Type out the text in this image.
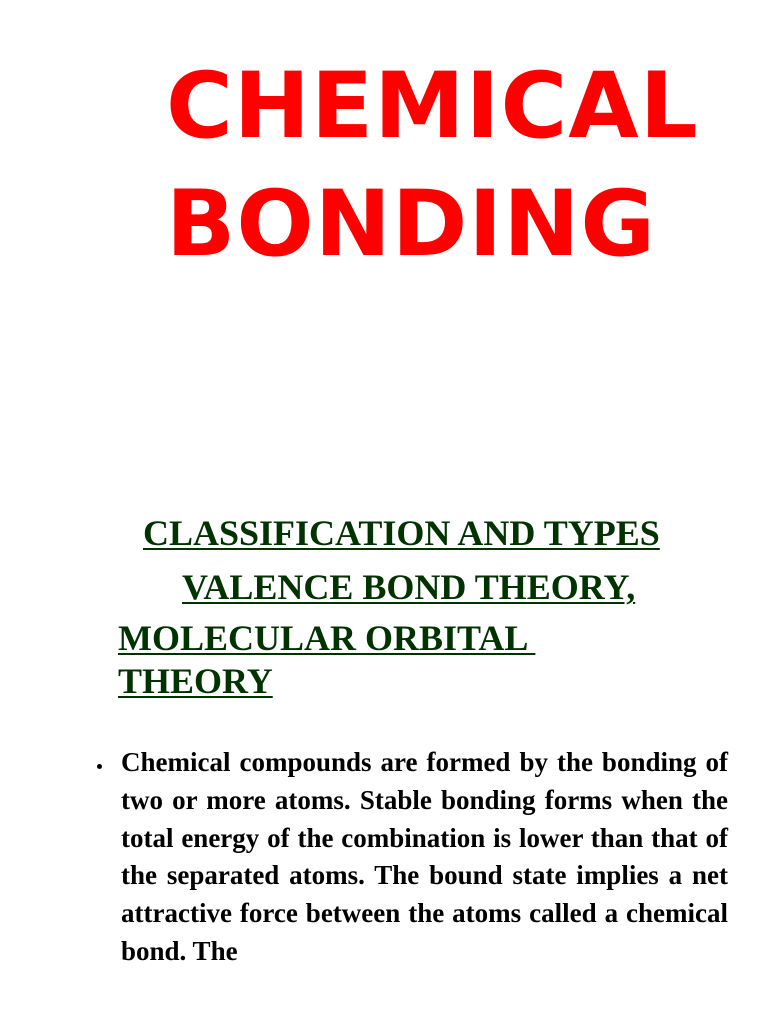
CHEMICAL
BONDING

CLASSIFICATION AND TYPES

VALENCE BOND THEORY,

MOLECULAR ORBITAL

THEORY

Chemical compounds are formed by the bonding of two or more atoms. Stable bonding forms when the total energy of the combination is lower than that of the separated atoms. The bound state implies a net attractive force between the atoms called a chemical bond. The
